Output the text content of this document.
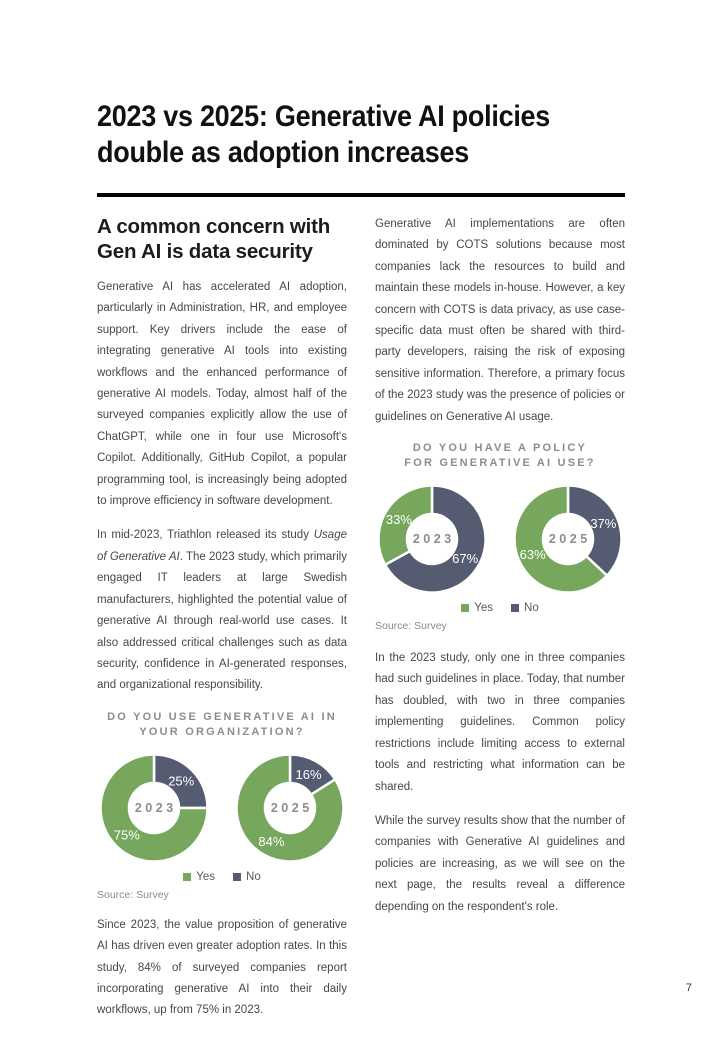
2023 vs 2025: Generative AI policies double as adoption increases
A common concern with Gen AI is data security

Generative AI has accelerated AI adoption, particularly in Administration, HR, and employee support. Key drivers include the ease of integrating generative AI tools into existing workflows and the enhanced performance of generative AI models. Today, almost half of the surveyed companies explicitly allow the use of ChatGPT, while one in four use Microsoft's Copilot. Additionally, GitHub Copilot, a popular programming tool, is increasingly being adopted to improve efficiency in software development.

In mid-2023, Triathlon released its study Usage of Generative AI. The 2023 study, which primarily engaged IT leaders at large Swedish manufacturers, highlighted the potential value of generative AI through real-world use cases. It also addressed critical challenges such as data security, confidence in AI-generated responses, and organizational responsibility.

DO YOU USE GENERATIVE AI IN
YOUR ORGANIZATION?
25%
75%
2023
16%
84%
2025
Yes	No
Source: Survey

Since 2023, the value proposition of generative AI has driven even greater adoption rates. In this study, 84% of surveyed companies report incorporating generative AI into their daily workflows, up from 75% in 2023.

Generative AI implementations are often dominated by COTS solutions because most companies lack the resources to build and maintain these models in-house. However, a key concern with COTS is data privacy, as use case-specific data must often be shared with third-party developers, raising the risk of exposing sensitive information. Therefore, a primary focus of the 2023 study was the presence of policies or guidelines on Generative AI usage.

DO YOU HAVE A POLICY
FOR GENERATIVE AI USE?
67%
33%
2023
37%
63%
2025
Yes	No
Source: Survey

In the 2023 study, only one in three companies had such guidelines in place. Today, that number has doubled, with two in three companies implementing guidelines. Common policy restrictions include limiting access to external tools and restricting what information can be shared.

While the survey results show that the number of companies with Generative AI guidelines and policies are increasing, as we will see on the next page, the results reveal a difference depending on the respondent's role.

7
